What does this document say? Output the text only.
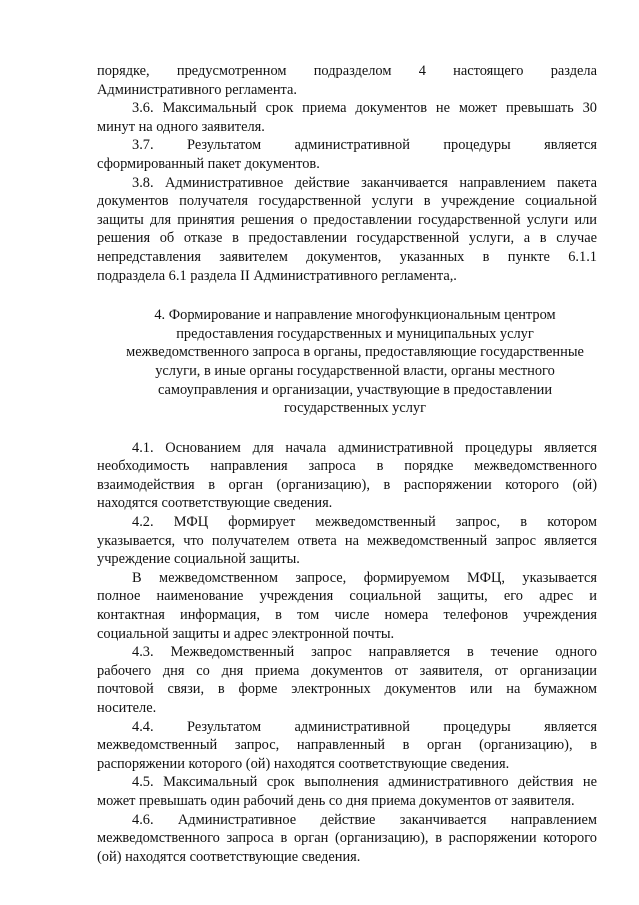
порядке, предусмотренном подразделом 4 настоящего раздела
Административного регламента.
3.6. Максимальный срок приема документов не может превышать 30
минут на одного заявителя.
3.7. Результатом административной процедуры является
сформированный пакет документов.
3.8. Административное действие заканчивается направлением пакета
документов получателя государственной услуги в учреждение социальной
защиты для принятия решения о предоставлении государственной услуги или
решения об отказе в предоставлении государственной услуги, а в случае
непредставления заявителем документов, указанных в пункте 6.1.1
подраздела 6.1 раздела II Административного регламента,.
4. Формирование и направление многофункциональным центром
предоставления государственных и муниципальных услуг
межведомственного запроса в органы, предоставляющие государственные
услуги, в иные органы государственной власти, органы местного
самоуправления и организации, участвующие в предоставлении
государственных услуг
4.1. Основанием для начала административной процедуры является
необходимость направления запроса в порядке межведомственного
взаимодействия в орган (организацию), в распоряжении которого (ой)
находятся соответствующие сведения.
4.2. МФЦ формирует межведомственный запрос, в котором
указывается, что получателем ответа на межведомственный запрос является
учреждение социальной защиты.
В межведомственном запросе, формируемом МФЦ, указывается
полное наименование учреждения социальной защиты, его адрес и
контактная информация, в том числе номера телефонов учреждения
социальной защиты и адрес электронной почты.
4.3. Межведомственный запрос направляется в течение одного
рабочего дня со дня приема документов от заявителя, от организации
почтовой связи, в форме электронных документов или на бумажном
носителе.
4.4. Результатом административной процедуры является
межведомственный запрос, направленный в орган (организацию), в
распоряжении которого (ой) находятся соответствующие сведения.
4.5. Максимальный срок выполнения административного действия не
может превышать один рабочий день со дня приема документов от заявителя.
4.6. Административное действие заканчивается направлением
межведомственного запроса в орган (организацию), в распоряжении которого
(ой) находятся соответствующие сведения.
